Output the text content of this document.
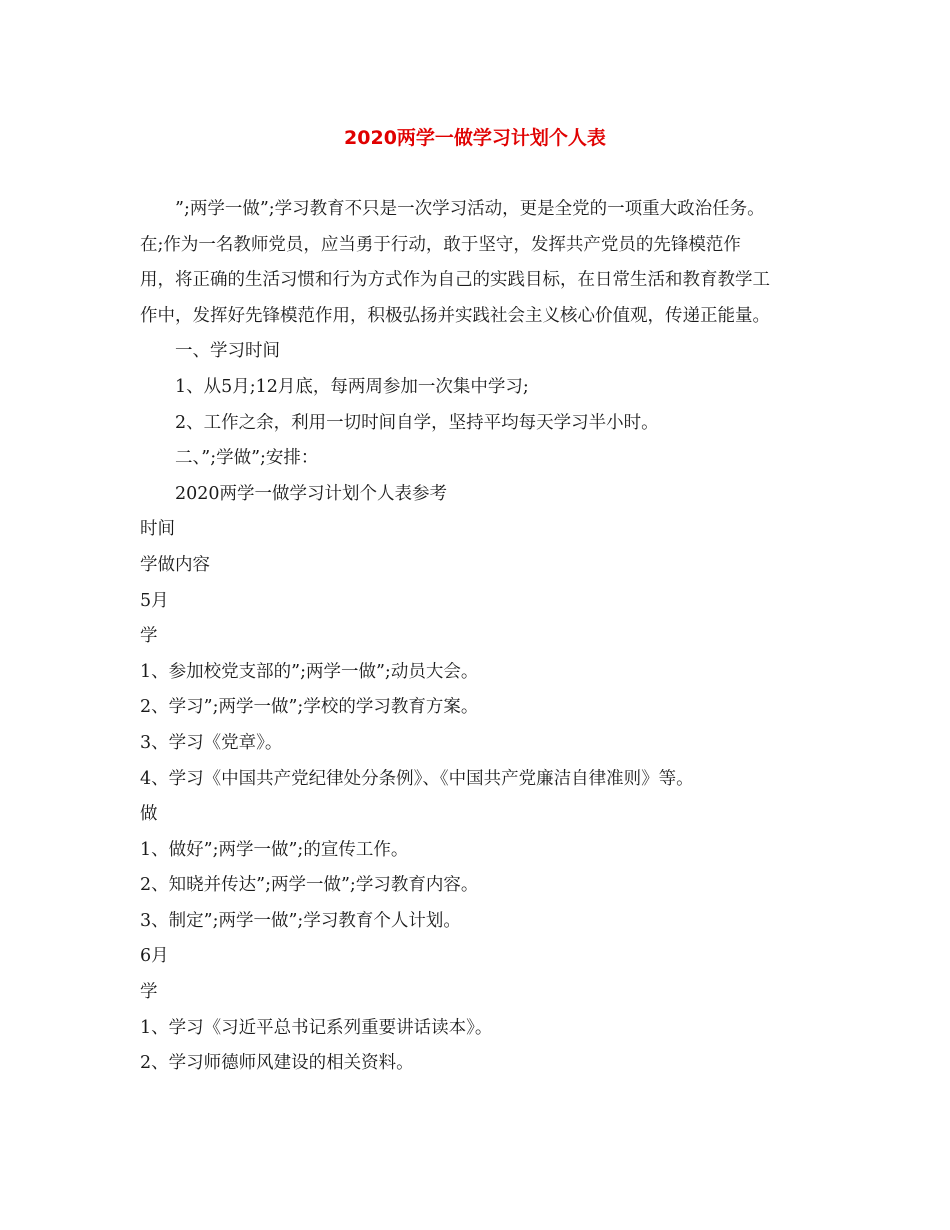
2020两学一做学习计划个人表

”;两学一做”;学习教育不只是一次学习活动，更是全党的一项重大政治任务。

在;作为一名教师党员，应当勇于行动，敢于坚守，发挥共产党员的先锋模范作

用，将正确的生活习惯和行为方式作为自己的实践目标，在日常生活和教育教学工

作中，发挥好先锋模范作用，积极弘扬并实践社会主义核心价值观，传递正能量。

一、学习时间

1、从5月;12月底，每两周参加一次集中学习;

2、工作之余，利用一切时间自学，坚持平均每天学习半小时。

二、”;学做”;安排：

2020两学一做学习计划个人表参考

时间

学做内容

5月

学

1、参加校党支部的”;两学一做”;动员大会。

2、学习”;两学一做”;学校的学习教育方案。

3、学习《党章》。

4、学习《中国共产党纪律处分条例》、《中国共产党廉洁自律准则》等。

做

1、做好”;两学一做”;的宣传工作。

2、知晓并传达”;两学一做”;学习教育内容。

3、制定”;两学一做”;学习教育个人计划。

6月

学

1、学习《习近平总书记系列重要讲话读本》。

2、学习师德师风建设的相关资料。
